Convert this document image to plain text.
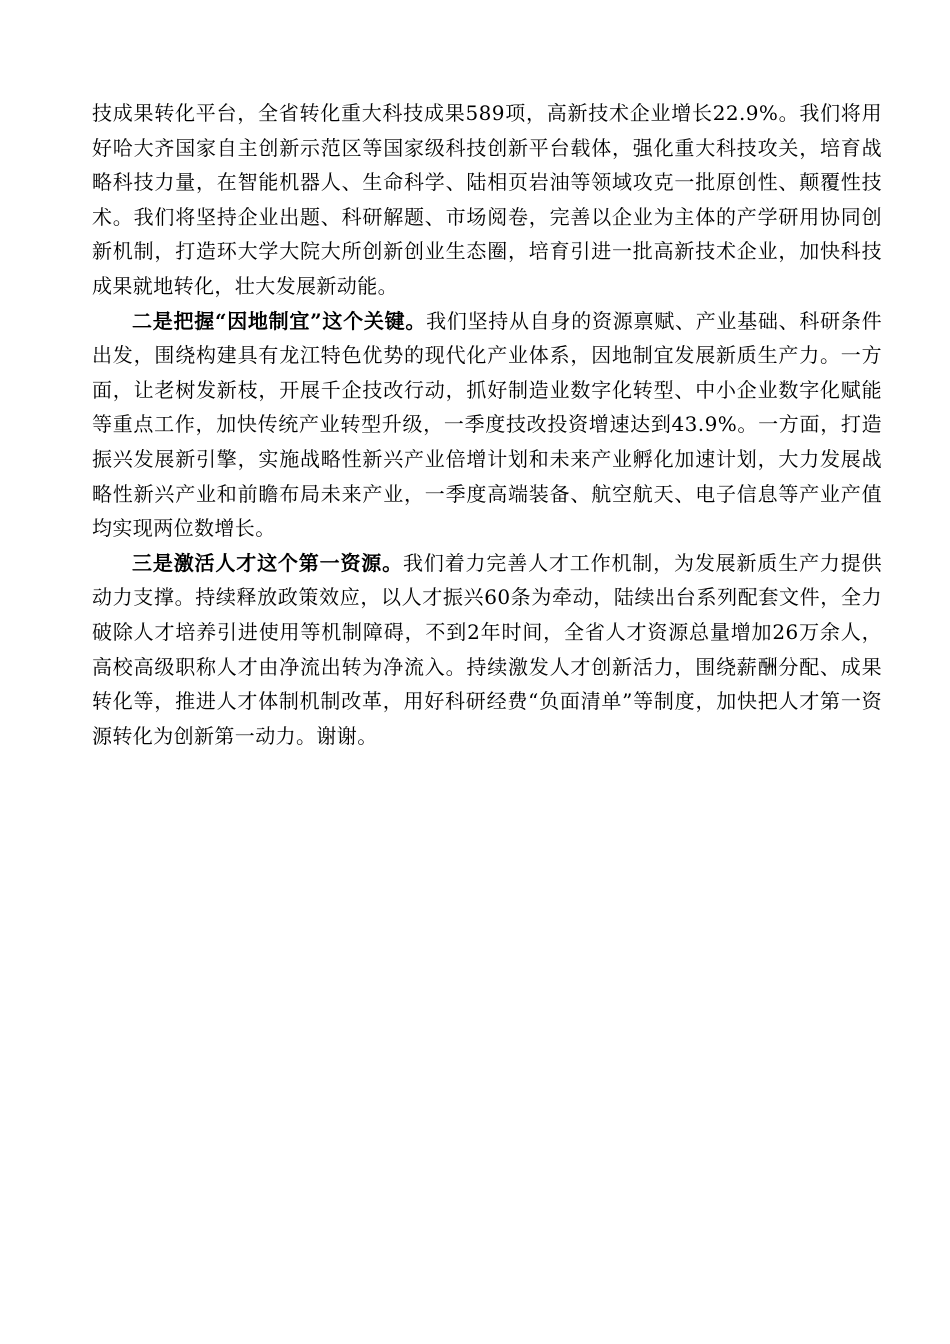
技成果转化平台，全省转化重大科技成果589项，高新技术企业增长22.9%。我们将用好哈大齐国家自主创新示范区等国家级科技创新平台载体，强化重大科技攻关，培育战略科技力量，在智能机器人、生命科学、陆相页岩油等领域攻克一批原创性、颠覆性技术。我们将坚持企业出题、科研解题、市场阅卷，完善以企业为主体的产学研用协同创新机制，打造环大学大院大所创新创业生态圈，培育引进一批高新技术企业，加快科技成果就地转化，壮大发展新动能。

二是把握“因地制宜”这个关键。我们坚持从自身的资源禀赋、产业基础、科研条件出发，围绕构建具有龙江特色优势的现代化产业体系，因地制宜发展新质生产力。一方面，让老树发新枝，开展千企技改行动，抓好制造业数字化转型、中小企业数字化赋能等重点工作，加快传统产业转型升级，一季度技改投资增速达到43.9%。一方面，打造振兴发展新引擎，实施战略性新兴产业倍增计划和未来产业孵化加速计划，大力发展战略性新兴产业和前瞻布局未来产业，一季度高端装备、航空航天、电子信息等产业产值均实现两位数增长。

三是激活人才这个第一资源。我们着力完善人才工作机制，为发展新质生产力提供动力支撑。持续释放政策效应，以人才振兴60条为牵动，陆续出台系列配套文件，全力破除人才培养引进使用等机制障碍，不到2年时间，全省人才资源总量增加26万余人，高校高级职称人才由净流出转为净流入。持续激发人才创新活力，围绕薪酬分配、成果转化等，推进人才体制机制改革，用好科研经费“负面清单”等制度，加快把人才第一资源转化为创新第一动力。谢谢。
